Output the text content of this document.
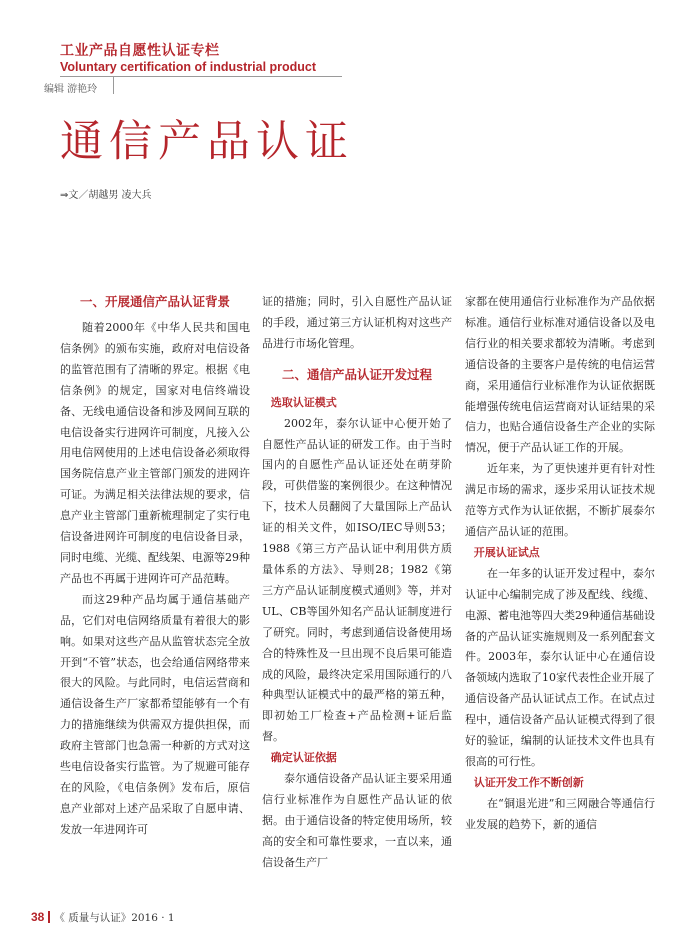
工业产品自愿性认证专栏
Voluntary certification of industrial product
编辑 游艳玲
通信产品认证
⇒文／胡越男 凌大兵
一、开展通信产品认证背景

随着2000年《中华人民共和国电信条例》的颁布实施，政府对电信设备的监管范围有了清晰的界定。根据《电信条例》的规定，国家对电信终端设备、无线电通信设备和涉及网间互联的电信设备实行进网许可制度，凡接入公用电信网使用的上述电信设备必须取得国务院信息产业主管部门颁发的进网许可证。为满足相关法律法规的要求，信息产业主管部门重新梳理制定了实行电信设备进网许可制度的电信设备目录，同时电缆、光缆、配线架、电源等29种产品也不再属于进网许可产品范畴。

而这29种产品均属于通信基础产品，它们对电信网络质量有着很大的影响。如果对这些产品从监管状态完全放开到“不管”状态，也会给通信网络带来很大的风险。与此同时，电信运营商和通信设备生产厂家都希望能够有一个有力的措施继续为供需双方提供担保，而政府主管部门也急需一种新的方式对这些电信设备实行监管。为了规避可能存在的风险，《电信条例》发布后，原信息产业部对上述产品采取了自愿申请、发放一年进网许可

证的措施；同时，引入自愿性产品认证的手段，通过第三方认证机构对这些产品进行市场化管理。

二、通信产品认证开发过程
选取认证模式

2002年，泰尔认证中心便开始了自愿性产品认证的研发工作。由于当时国内的自愿性产品认证还处在萌芽阶段，可供借鉴的案例很少。在这种情况下，技术人员翻阅了大量国际上产品认证的相关文件，如ISO/IEC导则53；1988《第三方产品认证中利用供方质量体系的方法》、导则28；1982《第三方产品认证制度模式通则》等，并对UL、CB等国外知名产品认证制度进行了研究。同时，考虑到通信设备使用场合的特殊性及一旦出现不良后果可能造成的风险，最终决定采用国际通行的八种典型认证模式中的最严格的第五种，即初始工厂检查+产品检测+证后监督。

确定认证依据

泰尔通信设备产品认证主要采用通信行业标准作为自愿性产品认证的依据。由于通信设备的特定使用场所，较高的安全和可靠性要求，一直以来，通信设备生产厂

家都在使用通信行业标准作为产品依据标准。通信行业标准对通信设备以及电信行业的相关要求都较为清晰。考虑到通信设备的主要客户是传统的电信运营商，采用通信行业标准作为认证依据既能增强传统电信运营商对认证结果的采信力，也贴合通信设备生产企业的实际情况，便于产品认证工作的开展。

近年来，为了更快速并更有针对性满足市场的需求，逐步采用认证技术规范等方式作为认证依据，不断扩展泰尔通信产品认证的范围。

开展认证试点

在一年多的认证开发过程中，泰尔认证中心编制完成了涉及配线、线缆、电源、蓄电池等四大类29种通信基础设备的产品认证实施规则及一系列配套文件。2003年，泰尔认证中心在通信设备领域内选取了10家代表性企业开展了通信设备产品认证试点工作。在试点过程中，通信设备产品认证模式得到了很好的验证，编制的认证技术文件也具有很高的可行性。

认证开发工作不断创新

在“铜退光进”和三网融合等通信行业发展的趋势下，新的通信

38 《 质量与认证》2016 · 1
